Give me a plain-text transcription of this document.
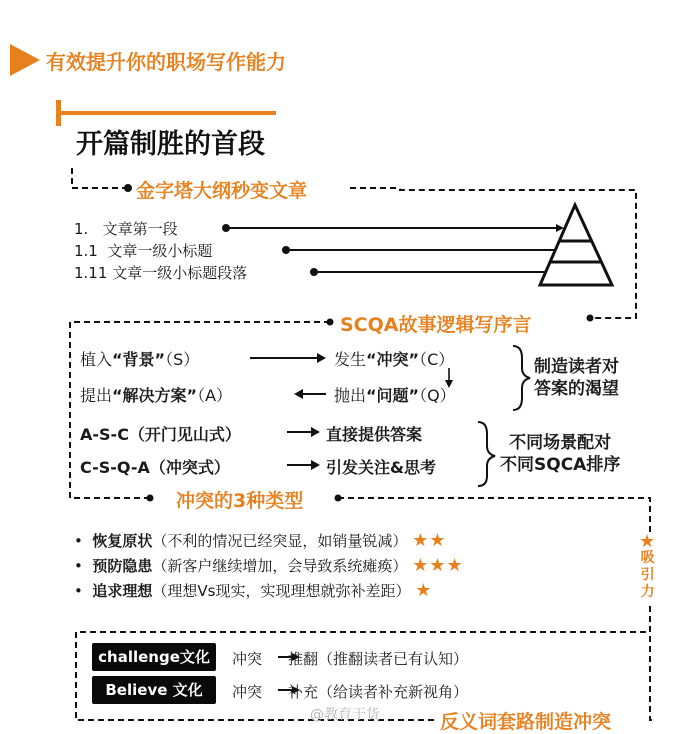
有效提升你的职场写作能力
开篇制胜的首段
金字塔大纲秒变文章
1. 文章第一段
1.1 文章一级小标题
1.11 文章一级小标题段落
SCQA故事逻辑写序言
植入“背景”（S）	发生“冲突”（C）
提出“解决方案”（A）	抛出“问题”（Q）
制造读者对
答案的渴望
A-S-C（开门见山式）	直接提供答案
C-S-Q-A（冲突式）	引发关注&思考
不同场景配对
不同SQCA排序
冲突的3种类型
• 恢复原状（不利的情况已经突显，如销量锐减） ★★
• 预防隐患（新客户继续增加，会导致系统瘫痪） ★★★
• 追求理想（理想Vs现实，实现理想就弥补差距） ★
★
吸
引
力
challenge文化	冲突 推翻（推翻读者已有认知）
Believe 文化	冲突 补充（给读者补充新视角）
@教育干货	反义词套路制造冲突
